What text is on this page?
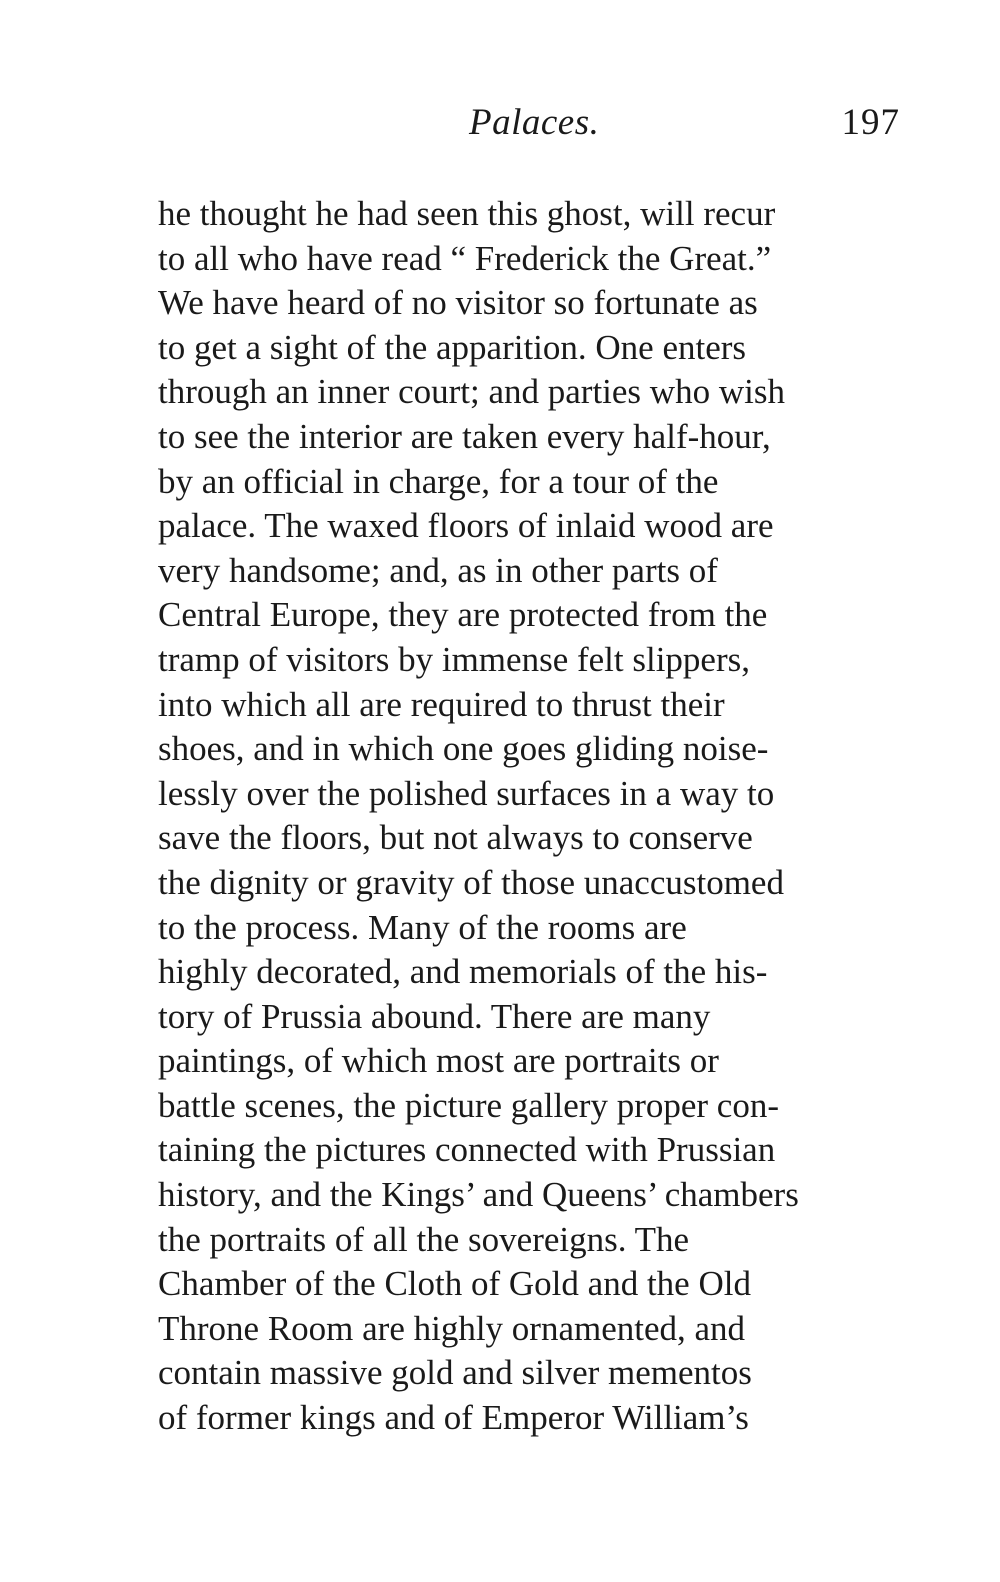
Palaces.	197
he thought he had seen this ghost, will recur
to all who have read “ Frederick the Great.”
We have heard of no visitor so fortunate as
to get a sight of the apparition. One enters
through an inner court; and parties who wish
to see the interior are taken every half-hour,
by an official in charge, for a tour of the
palace. The waxed floors of inlaid wood are
very handsome; and, as in other parts of
Central Europe, they are protected from the
tramp of visitors by immense felt slippers,
into which all are required to thrust their
shoes, and in which one goes gliding noise-
lessly over the polished surfaces in a way to
save the floors, but not always to conserve
the dignity or gravity of those unaccustomed
to the process. Many of the rooms are
highly decorated, and memorials of the his-
tory of Prussia abound. There are many
paintings, of which most are portraits or
battle scenes, the picture gallery proper con-
taining the pictures connected with Prussian
history, and the Kings’ and Queens’ chambers
the portraits of all the sovereigns. The
Chamber of the Cloth of Gold and the Old
Throne Room are highly ornamented, and
contain massive gold and silver mementos
of former kings and of Emperor William’s
